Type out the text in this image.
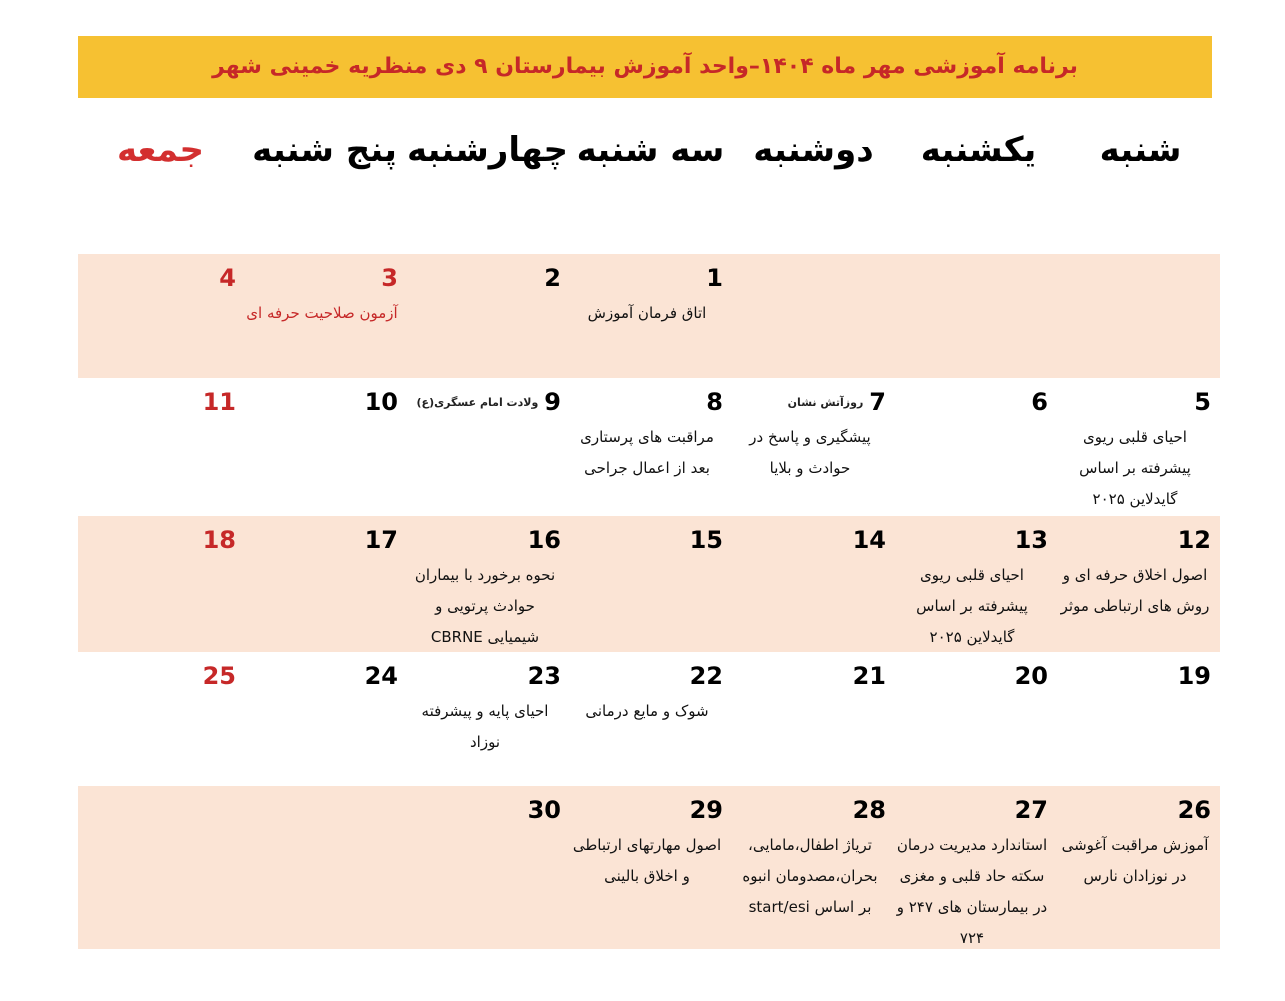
برنامه آموزشی مهر ماه ۱۴۰۴–واحد آموزش بیمارستان ۹ دی منظریه خمینی شهر
شنبه
یکشنبه
دوشنبه
سه شنبه
چهارشنبه
پنج شنبه
جمعه
1
اتاق فرمان آموزش
2
3
آزمون صلاحیت حرفه ای
4
5
احیای قلبی ریوی پیشرفته بر اساس گایدلاین ۲۰۲۵
6
7روزآتش نشان
پیشگیری و پاسخ در حوادث و بلایا
8
مراقبت های پرستاری بعد از اعمال جراحی
9ولادت امام عسگری(ع)
10
11
12
اصول اخلاق حرفه ای و روش های ارتباطی موثر
13
احیای قلبی ریوی پیشرفته بر اساس گایدلاین ۲۰۲۵
14
15
16
نحوه برخورد با بیماران حوادث پرتویی و شیمیایی CBRNE
17
18
19
20
21
22
شوک و مایع درمانی
23
احیای پایه و پیشرفته نوزاد
24
25
26
آموزش مراقبت آغوشی در نوزادان نارس
27
استاندارد مدیریت درمان سکته حاد قلبی و مغزی در بیمارستان های ۲۴۷ و ۷۲۴
28
تریاژ اطفال،مامایی، بحران،مصدومان انبوه بر اساس start/esi
29
اصول مهارتهای ارتباطی و اخلاق بالینی
30
